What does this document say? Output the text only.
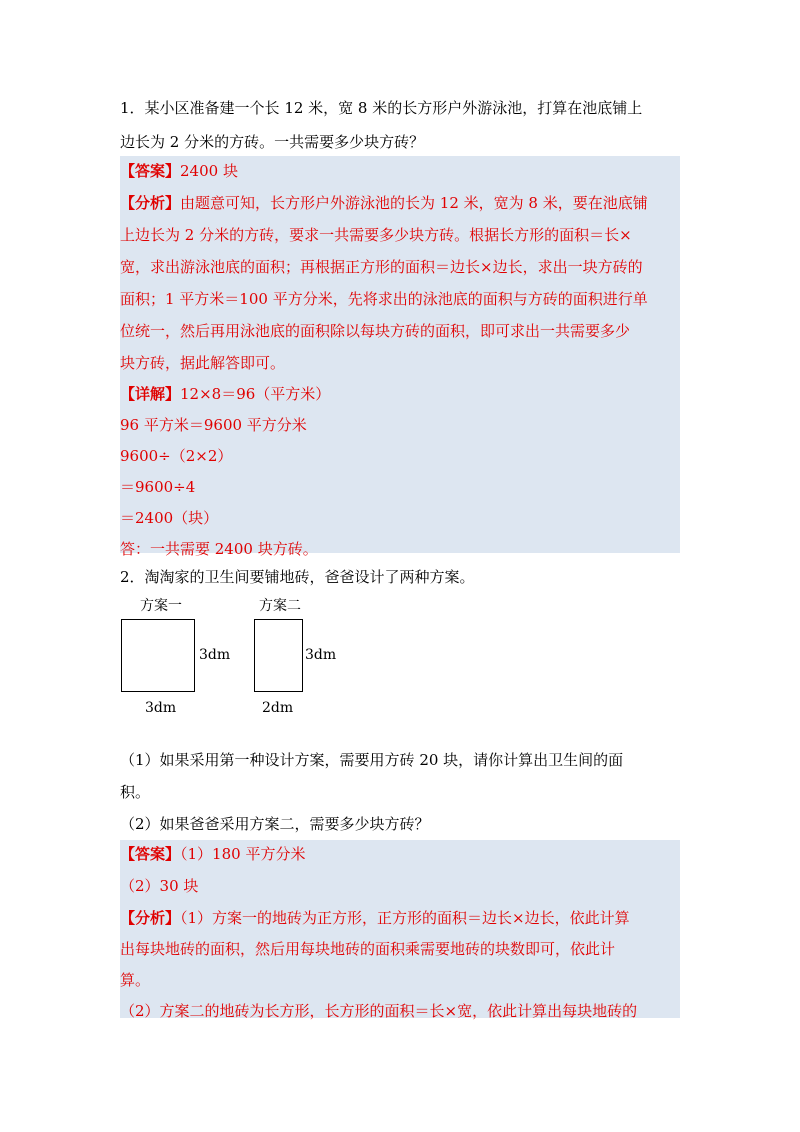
1．某小区准备建一个长 12 米，宽 8 米的长方形户外游泳池，打算在池底铺上
边长为 2 分米的方砖。一共需要多少块方砖？
【答案】2400 块
【分析】由题意可知，长方形户外游泳池的长为 12 米，宽为 8 米，要在池底铺
上边长为 2 分米的方砖，要求一共需要多少块方砖。根据长方形的面积＝长×
宽，求出游泳池底的面积；再根据正方形的面积＝边长×边长，求出一块方砖的
面积；1 平方米＝100 平方分米，先将求出的泳池底的面积与方砖的面积进行单
位统一，然后再用泳池底的面积除以每块方砖的面积，即可求出一共需要多少
块方砖，据此解答即可。
【详解】12×8＝96（平方米）
96 平方米＝9600 平方分米
9600÷（2×2）
＝9600÷4
＝2400（块）
答：一共需要 2400 块方砖。
2．淘淘家的卫生间要铺地砖，爸爸设计了两种方案。
方案一
3dm
3dm
方案二
3dm
2dm
（1）如果采用第一种设计方案，需要用方砖 20 块，请你计算出卫生间的面
积。
（2）如果爸爸采用方案二，需要多少块方砖？
【答案】（1）180 平方分米
（2）30 块
【分析】（1）方案一的地砖为正方形，正方形的面积＝边长×边长，依此计算
出每块地砖的面积，然后用每块地砖的面积乘需要地砖的块数即可，依此计
算。
（2）方案二的地砖为长方形，长方形的面积＝长×宽，依此计算出每块地砖的
